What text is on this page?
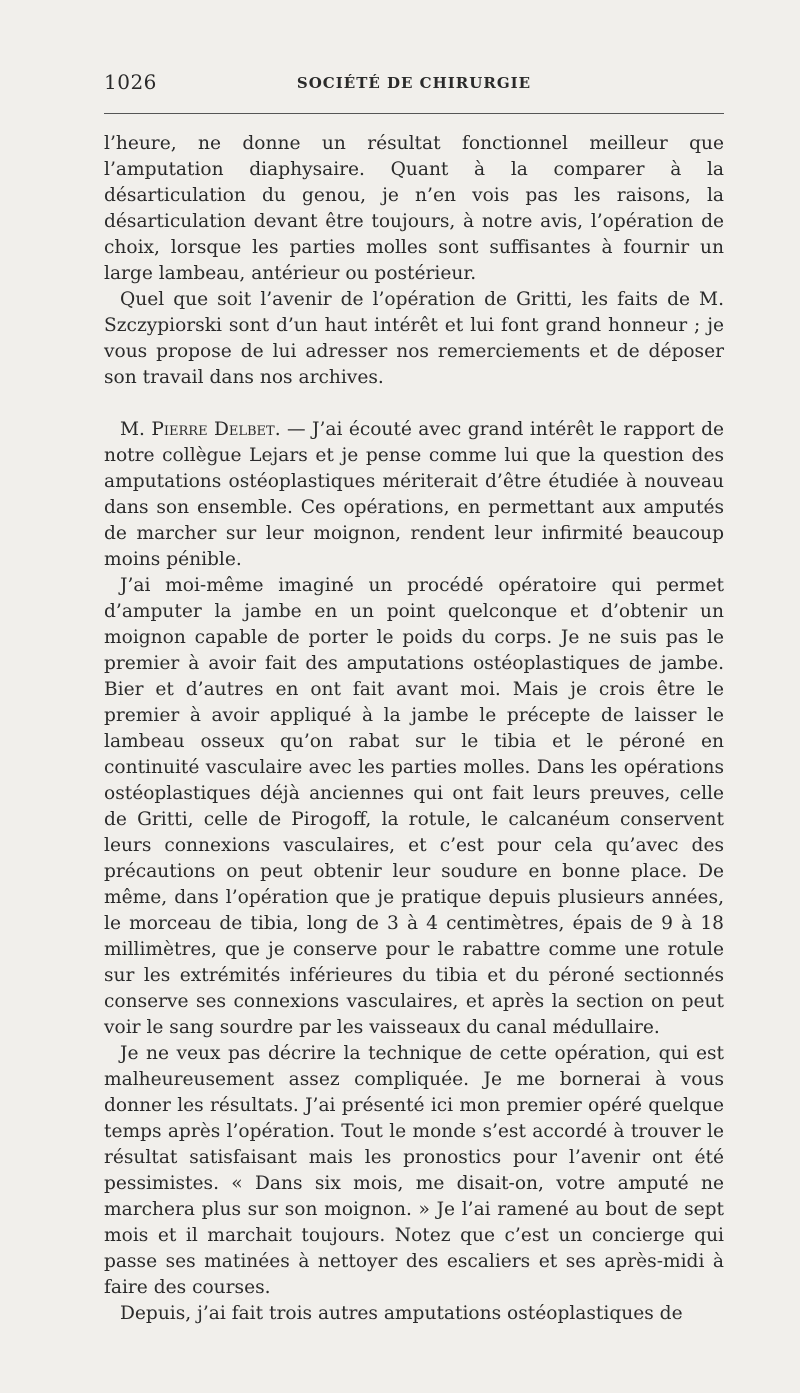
1026	SOCIÉTÉ DE CHIRURGIE

l’heure, ne donne un résultat fonctionnel meilleur que l’amputation diaphysaire. Quant à la comparer à la désarticulation du genou, je n’en vois pas les raisons, la désarticulation devant être toujours, à notre avis, l’opération de choix, lorsque les parties molles sont suffisantes à fournir un large lambeau, antérieur ou postérieur.

Quel que soit l’avenir de l’opération de Gritti, les faits de M. Szczypiorski sont d’un haut intérêt et lui font grand honneur ; je vous propose de lui adresser nos remerciements et de déposer son travail dans nos archives.

M. Pierre Delbet. — J’ai écouté avec grand intérêt le rapport de notre collègue Lejars et je pense comme lui que la question des amputations ostéoplastiques mériterait d’être étudiée à nouveau dans son ensemble. Ces opérations, en permettant aux amputés de marcher sur leur moignon, rendent leur infirmité beaucoup moins pénible.

J’ai moi-même imaginé un procédé opératoire qui permet d’amputer la jambe en un point quelconque et d’obtenir un moignon capable de porter le poids du corps. Je ne suis pas le premier à avoir fait des amputations ostéoplastiques de jambe. Bier et d’autres en ont fait avant moi. Mais je crois être le premier à avoir appliqué à la jambe le précepte de laisser le lambeau osseux qu’on rabat sur le tibia et le péroné en continuité vasculaire avec les parties molles. Dans les opérations ostéoplastiques déjà anciennes qui ont fait leurs preuves, celle de Gritti, celle de Pirogoff, la rotule, le calcanéum conservent leurs connexions vasculaires, et c’est pour cela qu’avec des précautions on peut obtenir leur soudure en bonne place. De même, dans l’opération que je pratique depuis plusieurs années, le morceau de tibia, long de 3 à 4 centimètres, épais de 9 à 18 millimètres, que je conserve pour le rabattre comme une rotule sur les extrémités inférieures du tibia et du péroné sectionnés conserve ses connexions vasculaires, et après la section on peut voir le sang sourdre par les vaisseaux du canal médullaire.

Je ne veux pas décrire la technique de cette opération, qui est malheureusement assez compliquée. Je me bornerai à vous donner les résultats. J’ai présenté ici mon premier opéré quelque temps après l’opération. Tout le monde s’est accordé à trouver le résultat satisfaisant mais les pronostics pour l’avenir ont été pessimistes. « Dans six mois, me disait-on, votre amputé ne marchera plus sur son moignon. » Je l’ai ramené au bout de sept mois et il marchait toujours. Notez que c’est un concierge qui passe ses matinées à nettoyer des escaliers et ses après-midi à faire des courses.

Depuis, j’ai fait trois autres amputations ostéoplastiques de
